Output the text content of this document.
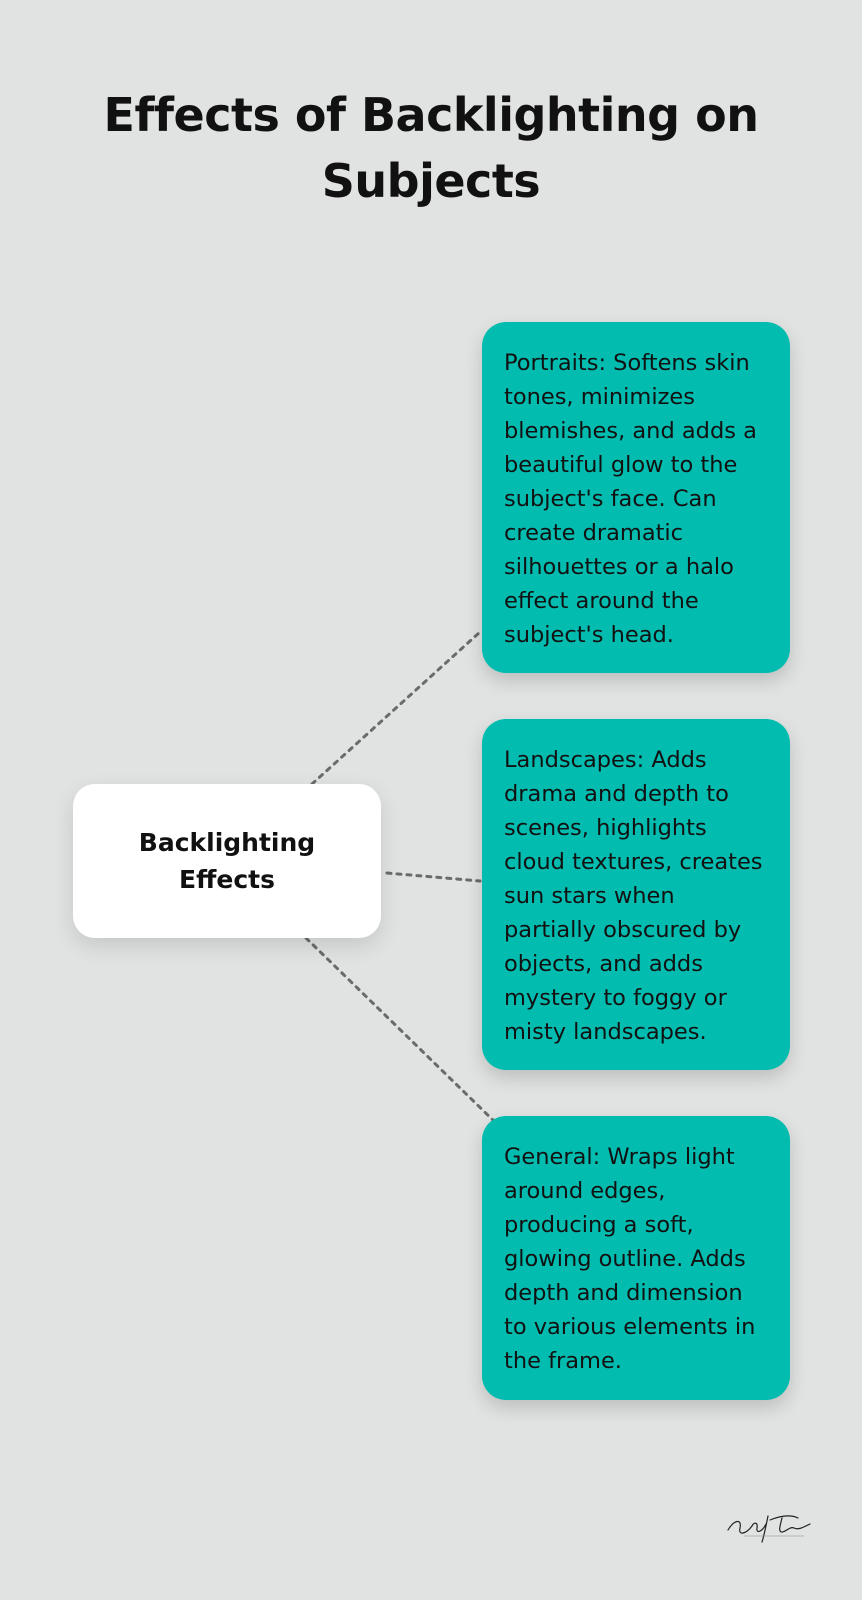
Effects of Backlighting on Subjects
Backlighting Effects

Portraits: Softens skin tones, minimizes blemishes, and adds a beautiful glow to the subject's face. Can create dramatic silhouettes or a halo effect around the subject's head.

Landscapes: Adds drama and depth to scenes, highlights cloud textures, creates sun stars when partially obscured by objects, and adds mystery to foggy or misty landscapes.

General: Wraps light around edges, producing a soft, glowing outline. Adds depth and dimension to various elements in the frame.
